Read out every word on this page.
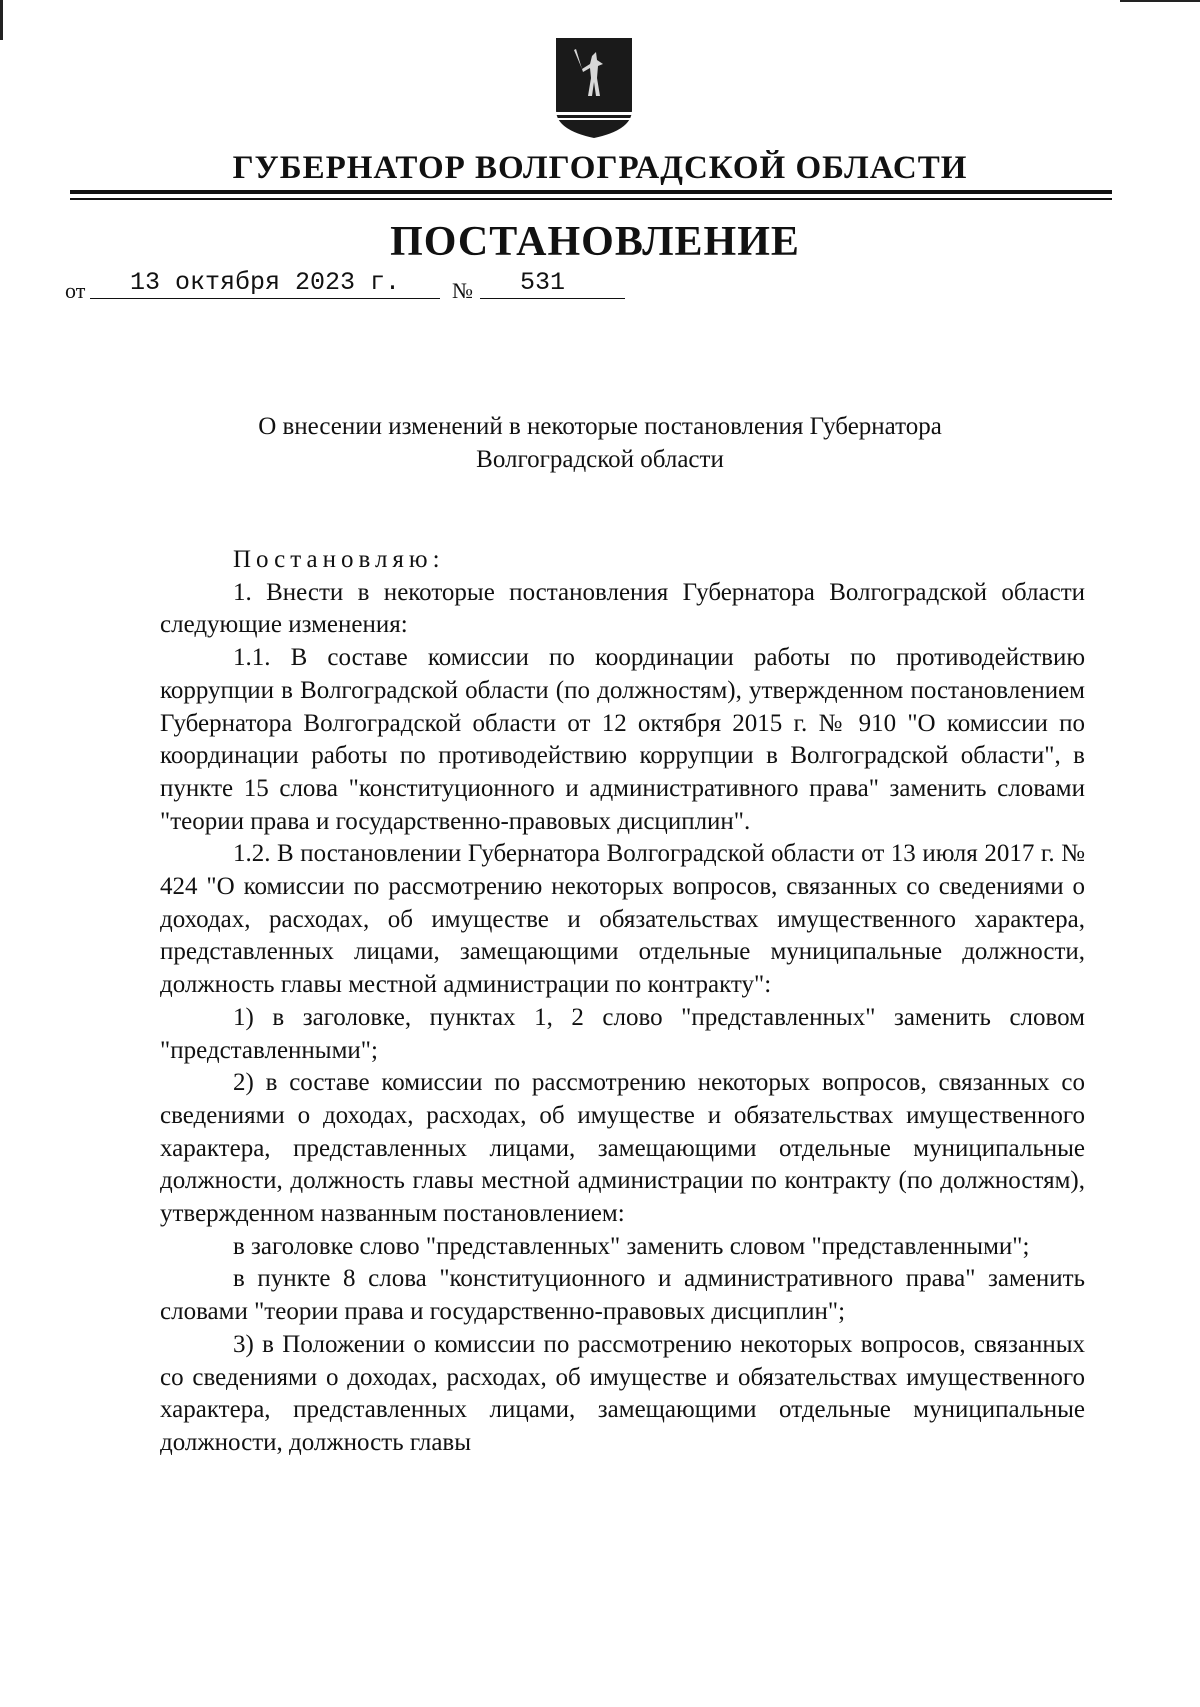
ГУБЕРНАТОР ВОЛГОГРАДСКОЙ ОБЛАСТИ
ПОСТАНОВЛЕНИЕ
от	13 октября 2023 г.	№	531
О внесении изменений в некоторые постановления Губернатора
Волгоградской области

Постановляю:

1. Внести в некоторые постановления Губернатора Волгоградской области следующие изменения:

1.1. В составе комиссии по координации работы по противодействию коррупции в Волгоградской области (по должностям), утвержденном постановлением Губернатора Волгоградской области от 12 октября 2015 г. № 910 "О комиссии по координации работы по противодействию коррупции в Волгоградской области", в пункте 15 слова "конституционного и административного права" заменить словами "теории права и государственно-правовых дисциплин".

1.2. В постановлении Губернатора Волгоградской области от 13 июля 2017 г. № 424 "О комиссии по рассмотрению некоторых вопросов, связанных со сведениями о доходах, расходах, об имуществе и обязательствах имущественного характера, представленных лицами, замещающими отдельные муниципальные должности, должность главы местной администрации по контракту":

1) в заголовке, пунктах 1, 2 слово "представленных" заменить словом "представленными";

2) в составе комиссии по рассмотрению некоторых вопросов, связанных со сведениями о доходах, расходах, об имуществе и обязательствах имущественного характера, представленных лицами, замещающими отдельные муниципальные должности, должность главы местной администрации по контракту (по должностям), утвержденном названным постановлением:

в заголовке слово "представленных" заменить словом "представленными";

в пункте 8 слова "конституционного и административного права" заменить словами "теории права и государственно-правовых дисциплин";

3) в Положении о комиссии по рассмотрению некоторых вопросов, связанных со сведениями о доходах, расходах, об имуществе и обязательствах имущественного характера, представленных лицами, замещающими отдельные муниципальные должности, должность главы
